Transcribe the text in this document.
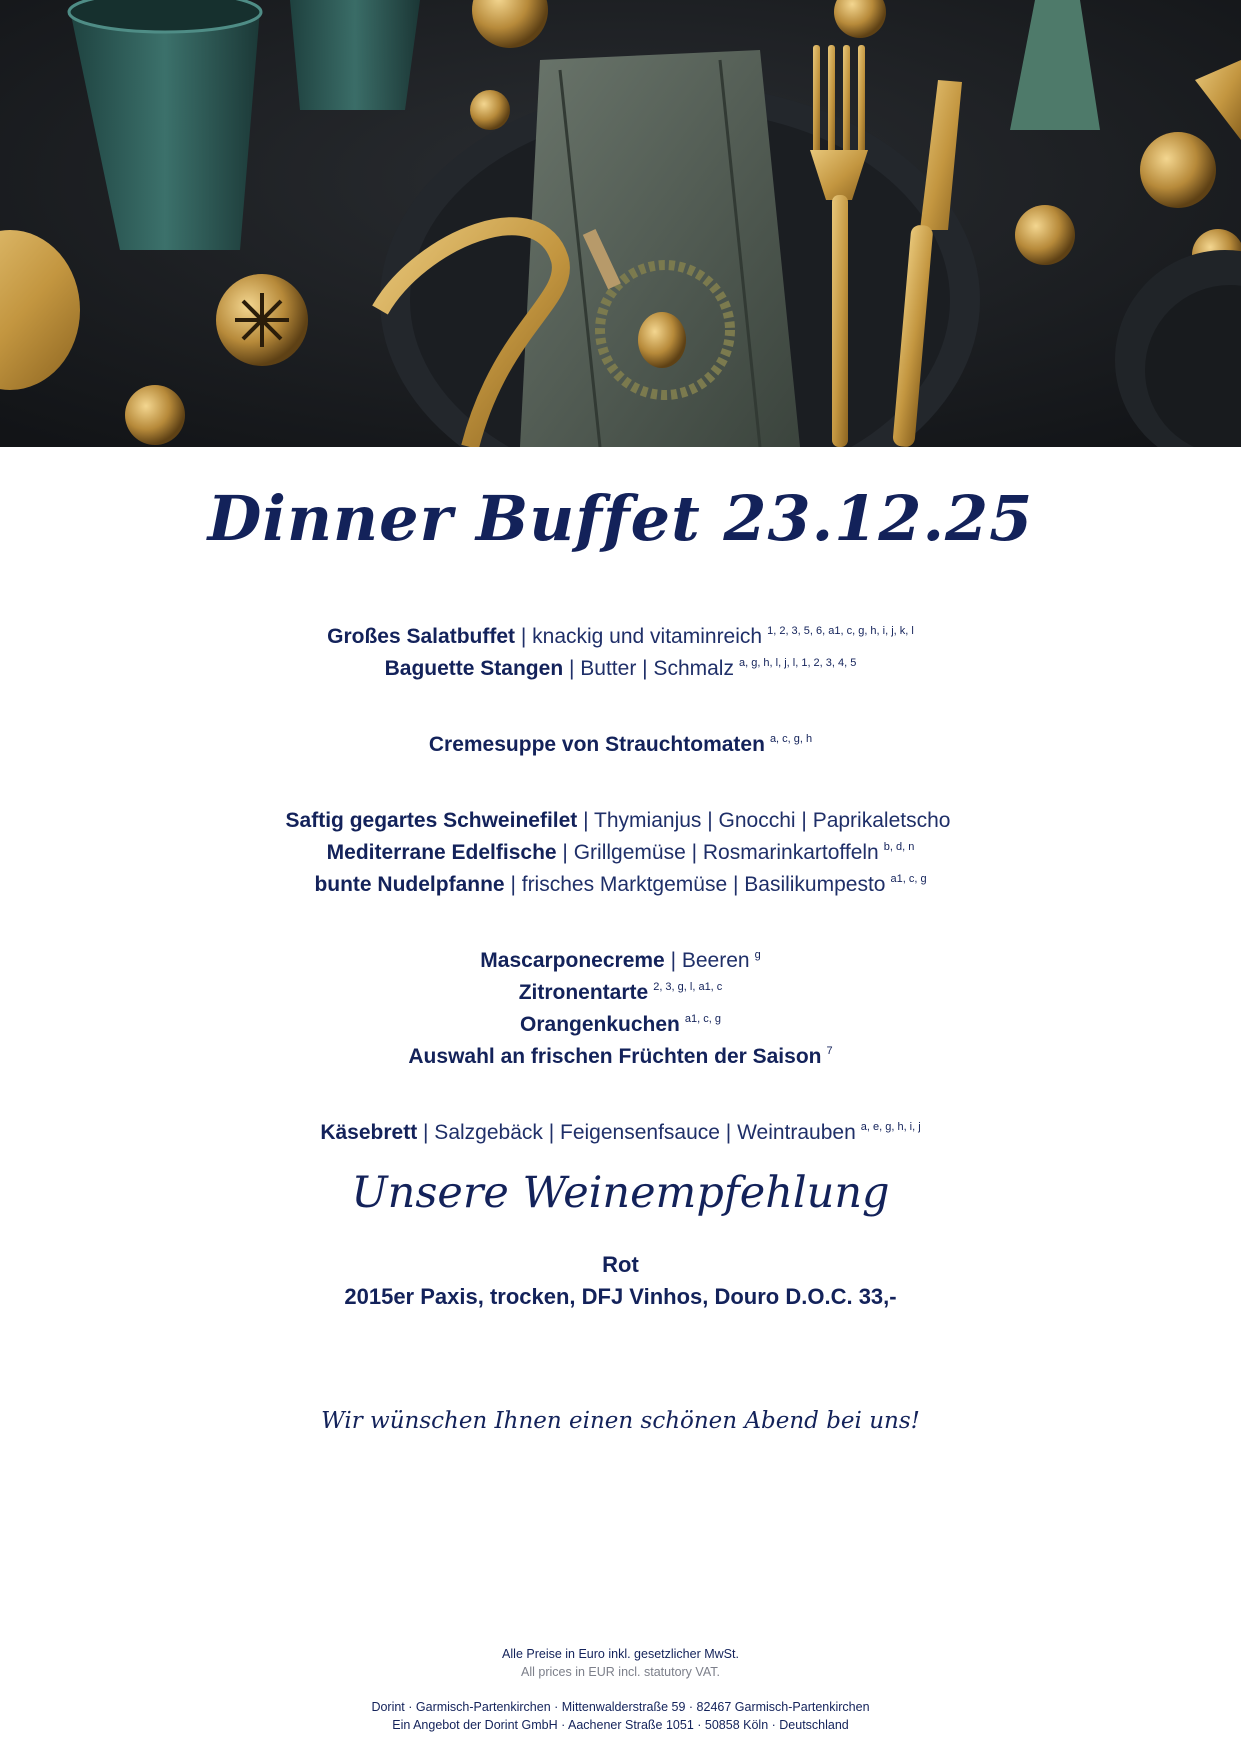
Dinner Buffet 23.12.25
Großes Salatbuffet | knackig und vitaminreich $^{1, 2, 3, 5, 6, a1, c, g, h, i, j, k, l}$
Baguette Stangen | Butter | Schmalz $^{a, g, h, l, j, l, 1, 2, 3, 4, 5}$
Cremesuppe von Strauchtomaten $^{a, c, g, h}$
Saftig gegartes Schweinefilet | Thymianjus | Gnocchi | Paprikaletscho
Mediterrane Edelfische | Grillgemüse | Rosmarinkartoffeln $^{b, d, n}$
bunte Nudelpfanne | frisches Marktgemüse | Basilikumpesto $^{a1, c, g}$
Mascarponecreme | Beeren $^g$
Zitronentarte $^{2, 3, g, l, a1, c}$
Orangenkuchen $^{a1, c, g}$
Auswahl an frischen Früchten der Saison $^7$
Käsebrett | Salzgebäck | Feigensenfsauce | Weintrauben $^{a, e, g, h, i, j}$
Unsere Weinempfehlung
Rot
2015er Paxis, trocken, DFJ Vinhos, Douro D.O.C. 33,-
Wir wünschen Ihnen einen schönen Abend bei uns!
Alle Preise in Euro inkl. gesetzlicher MwSt.
All prices in EUR incl. statutory VAT.
Dorint · Garmisch-Partenkirchen · Mittenwalderstraße 59 · 82467 Garmisch-Partenkirchen
Ein Angebot der Dorint GmbH · Aachener Straße 1051 · 50858 Köln · Deutschland
